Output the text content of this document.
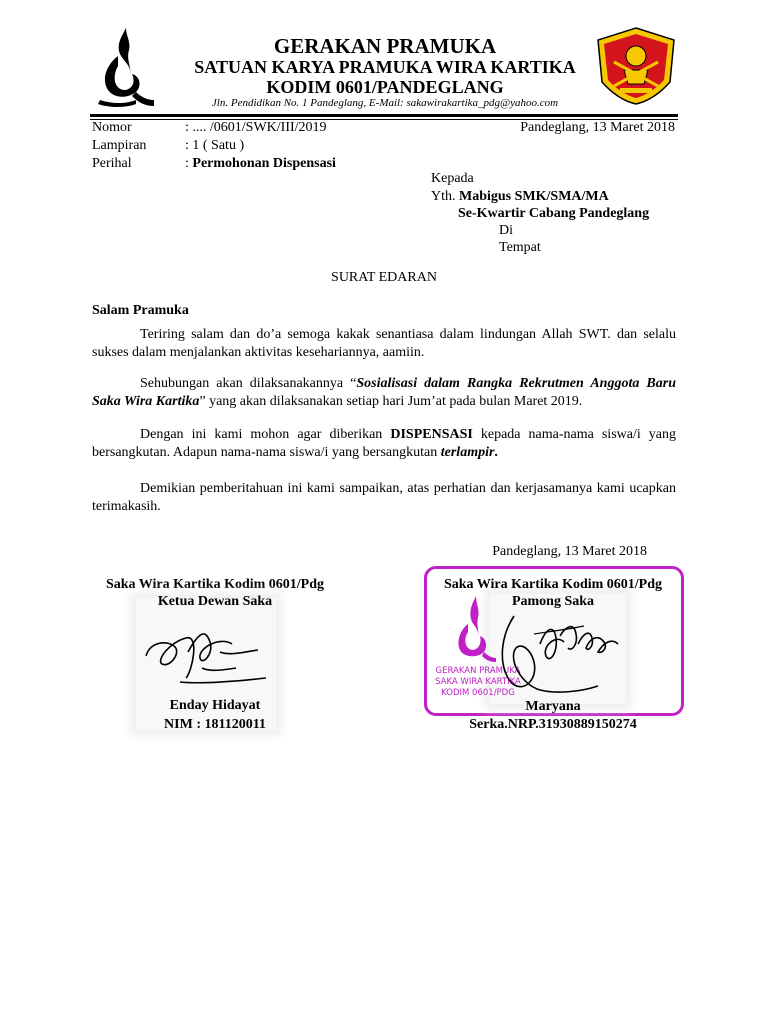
GERAKAN PRAMUKA
SATUAN KARYA PRAMUKA WIRA KARTIKA
KODIM 0601/PANDEGLANG
Jln. Pendidikan No. 1 Pandeglang, E-Mail: sakawirakartika_pdg@yahoo.com
Nomor
Lampiran
Perihal
: .... /0601/SWK/III/2019
: 1 ( Satu )
: Permohonan Dispensasi
Pandeglang, 13 Maret 2018
Kepada
Yth. Mabigus SMK/SMA/MA
Se-Kwartir Cabang Pandeglang
Di
Tempat
SURAT EDARAN
Salam Pramuka

Teriring salam dan do’a semoga kakak senantiasa dalam lindungan Allah SWT. dan selalu sukses dalam menjalankan aktivitas kesehariannya, aamiin.

Sehubungan akan dilaksanakannya “Sosialisasi dalam Rangka Rekrutmen Anggota Baru Saka Wira Kartika” yang akan dilaksanakan setiap hari Jum’at pada bulan Maret 2019.

Dengan ini kami mohon agar diberikan DISPENSASI kepada nama-nama siswa/i yang bersangkutan. Adapun nama-nama siswa/i yang bersangkutan terlampir.

Demikian pemberitahuan ini kami sampaikan, atas perhatian dan kerjasamanya kami ucapkan terimakasih.

Pandeglang, 13 Maret 2018
Saka Wira Kartika Kodim 0601/Pdg
Ketua Dewan Saka
Enday Hidayat
NIM : 181120011
Saka Wira Kartika Kodim 0601/Pdg
Pamong Saka
GERAKAN PRAMUKA
SAKA WIRA KARTIKA
KODIM 0601/PDG
Maryana
Serka.NRP.31930889150274
